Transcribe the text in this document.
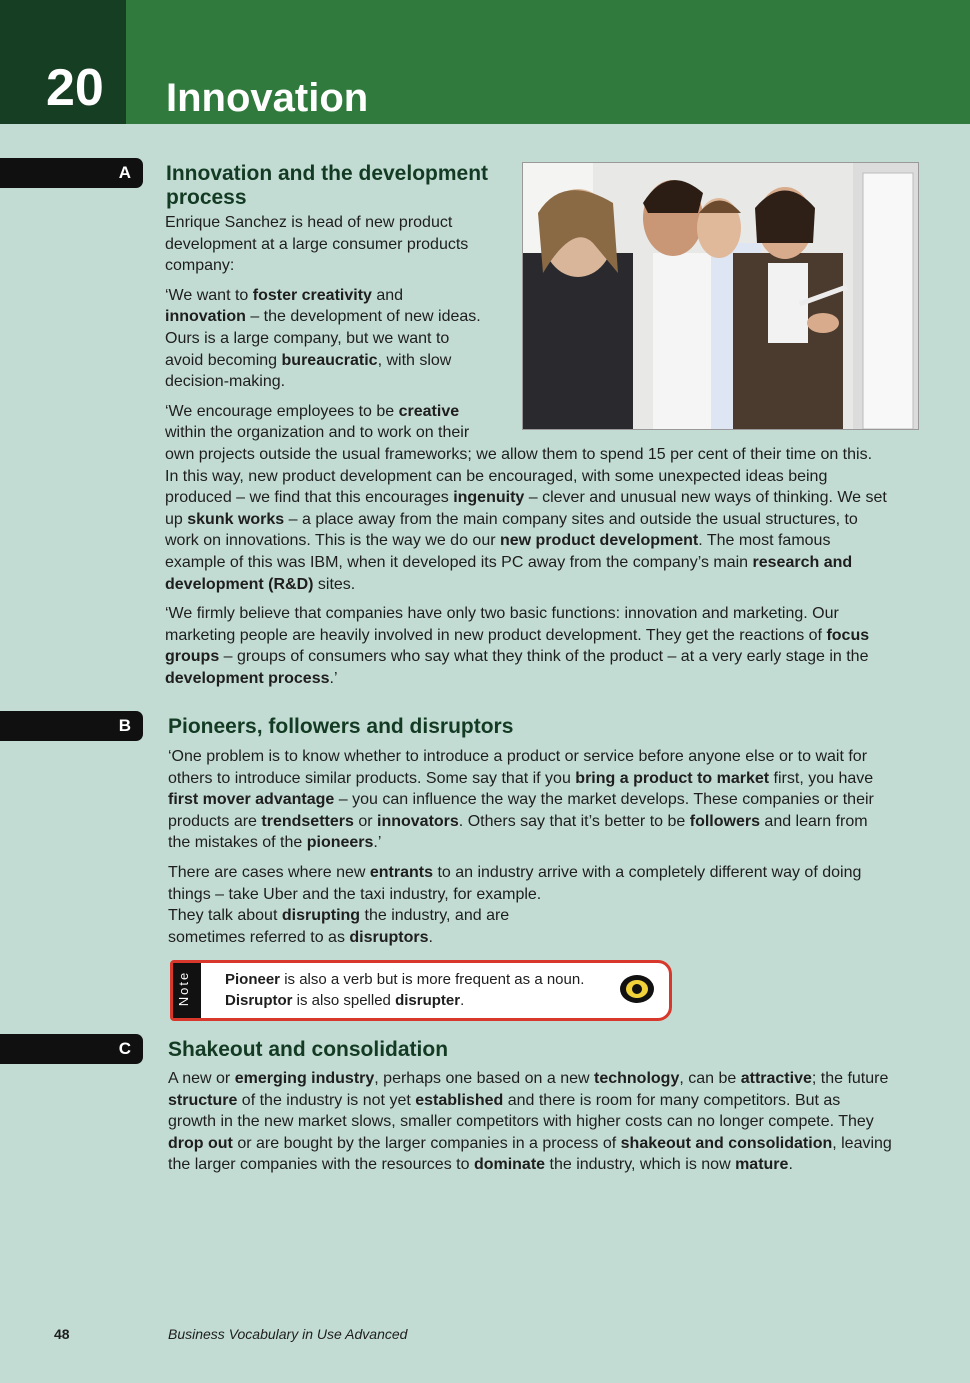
20 Innovation
A Innovation and the development
process

Enrique Sanchez is head of new product
development at a large consumer products
company:

‘We want to foster creativity and
innovation – the development of new ideas.
Ours is a large company, but we want to
avoid becoming bureaucratic, with slow
decision-making.

‘We encourage employees to be creative
within the organization and to work on their

own projects outside the usual frameworks; we allow them to spend 15 per cent of their time on this.
In this way, new product development can be encouraged, with some unexpected ideas being
produced – we find that this encourages ingenuity – clever and unusual new ways of thinking. We set
up skunk works – a place away from the main company sites and outside the usual structures, to
work on innovations. This is the way we do our new product development. The most famous
example of this was IBM, when it developed its PC away from the company’s main research and
development (R&D) sites.

‘We firmly believe that companies have only two basic functions: innovation and marketing. Our
marketing people are heavily involved in new product development. They get the reactions of focus
groups – groups of consumers who say what they think of the product – at a very early stage in the
development process.’

B Pioneers, followers and disruptors

‘One problem is to know whether to introduce a product or service before anyone else or to wait for
others to introduce similar products. Some say that if you bring a product to market first, you have
first mover advantage – you can influence the way the market develops. These companies or their
products are trendsetters or innovators. Others say that it’s better to be followers and learn from
the mistakes of the pioneers.’

There are cases where new entrants to an industry arrive with a completely different way of doing
things – take Uber and the taxi industry, for example.
They talk about disrupting the industry, and are
sometimes referred to as disruptors.

Note Pioneer is also a verb but is more frequent as a noun.
Disruptor is also spelled disrupter.
C Shakeout and consolidation

A new or emerging industry, perhaps one based on a new technology, can be attractive; the future
structure of the industry is not yet established and there is room for many competitors. But as
growth in the new market slows, smaller competitors with higher costs can no longer compete. They
drop out or are bought by the larger companies in a process of shakeout and consolidation, leaving
the larger companies with the resources to dominate the industry, which is now mature.

48	Business Vocabulary in Use Advanced
